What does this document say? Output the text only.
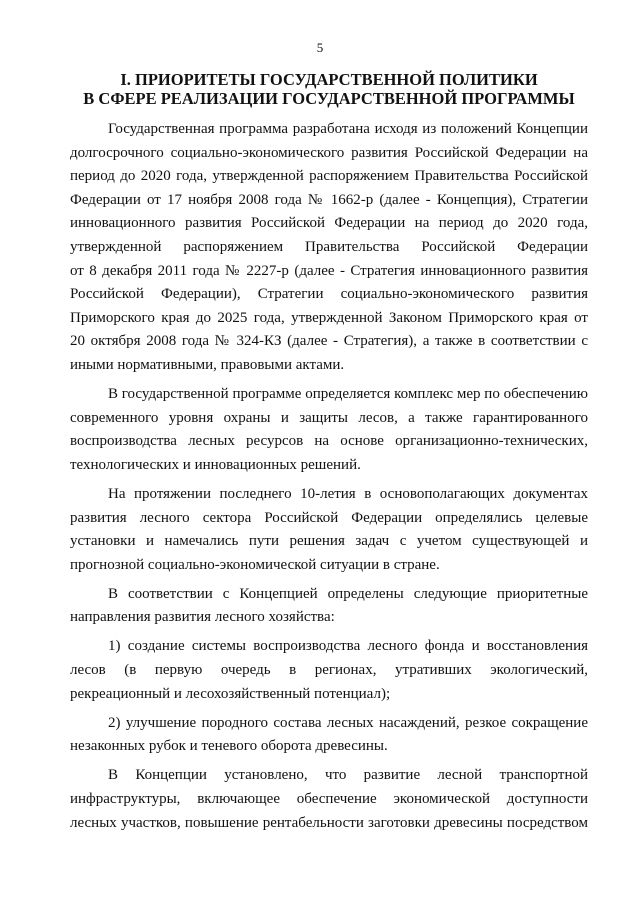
5
I. ПРИОРИТЕТЫ ГОСУДАРСТВЕННОЙ ПОЛИТИКИ
В СФЕРЕ РЕАЛИЗАЦИИ ГОСУДАРСТВЕННОЙ ПРОГРАММЫ
Государственная программа разработана исходя из положений Концепции
долгосрочного социально-экономического развития Российской Федерации на
период до 2020 года, утвержденной распоряжением Правительства Российской
Федерации от 17 ноября 2008 года № 1662-р (далее - Концепция), Стратегии
инновационного развития Российской Федерации на период до 2020 года,
утвержденной распоряжением Правительства Российской Федерации
от 8 декабря 2011 года № 2227-р (далее - Стратегия инновационного развития
Российской Федерации), Стратегии социально-экономического развития
Приморского края до 2025 года, утвержденной Законом Приморского края от
20 октября 2008 года № 324-КЗ (далее - Стратегия), а также в соответствии с
иными нормативными, правовыми актами.
В государственной программе определяется комплекс мер по обеспечению
современного уровня охраны и защиты лесов, а также гарантированного
воспроизводства лесных ресурсов на основе организационно-технических,
технологических и инновационных решений.
На протяжении последнего 10-летия в основополагающих документах
развития лесного сектора Российской Федерации определялись целевые
установки и намечались пути решения задач с учетом существующей и
прогнозной социально-экономической ситуации в стране.
В соответствии с Концепцией определены следующие приоритетные
направления развития лесного хозяйства:
1) создание системы воспроизводства лесного фонда и восстановления
лесов (в первую очередь в регионах, утративших экологический,
рекреационный и лесохозяйственный потенциал);
2) улучшение породного состава лесных насаждений, резкое сокращение
незаконных рубок и теневого оборота древесины.
В Концепции установлено, что развитие лесной транспортной
инфраструктуры, включающее обеспечение экономической доступности
лесных участков, повышение рентабельности заготовки древесины посредством
